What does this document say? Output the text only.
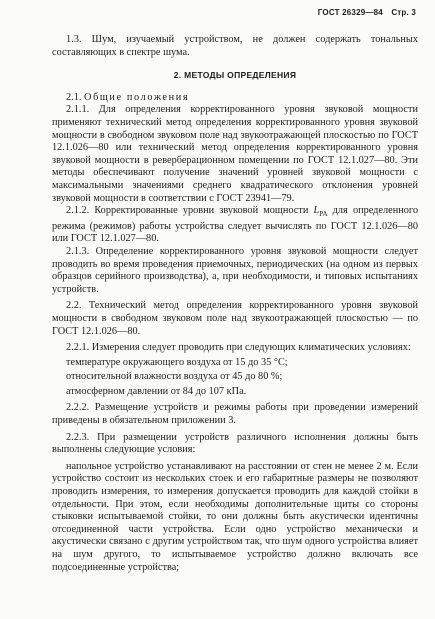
ГОСТ 26329—84 Стр. 3

1.3. Шум, изучаемый устройством, не должен содержать тональных составляющих в спектре шума.

2. МЕТОДЫ ОПРЕДЕЛЕНИЯ

2.1. Общие положения

2.1.1. Для определения корректированного уровня звуковой мощности применяют технический метод определения корректированного уровня звуковой мощности в свободном звуковом поле над звукоотражающей плоскостью по ГОСТ 12.1.026—80 или технический метод определения корректированного уровня звуковой мощности в реверберационном помещении по ГОСТ 12.1.027—80. Эти методы обеспечивают получение значений уровней звуковой мощности с максимальными значениями среднего квадратического отклонения уровней звуковой мощности в соответствии с ГОСТ 23941—79.

2.1.2. Корректированные уровни звуковой мощности $L_{PA}$ для определенного режима (режимов) работы устройства следует вычислять по ГОСТ 12.1.026—80 или ГОСТ 12.1.027—80.

2.1.3. Определение корректированного уровня звуковой мощности следует проводить во время проведения приемочных, периодических (на одном из первых образцов серийного производства), а, при необходимости, и типовых испытаниях устройств.

2.2. Технический метод определения корректированного уровня звуковой мощности в свободном звуковом поле над звукоотражающей плоскостью — по ГОСТ 12.1.026—80.

2.2.1. Измерения следует проводить при следующих климатических условиях:

температуре окружающего воздуха от 15 до 35 °С;

относительной влажности воздуха от 45 до 80 %;

атмосферном давлении от 84 до 107 кПа.

2.2.2. Размещение устройств и режимы работы при проведении измерений приведены в обязательном приложении 3.

2.2.3. При размещении устройств различного исполнения должны быть выполнены следующие условия:

напольное устройство устанавливают на расстоянии от стен не менее 2 м. Если устройство состоит из нескольких стоек и его габаритные размеры не позволяют проводить измерения, то измерения допускается проводить для каждой стойки в отдельности. При этом, если необходимы дополнительные щиты со стороны стыковки испытываемой стойки, то они должны быть акустически идентичны отсоединенной части устройства. Если одно устройство механически и акустически связано с другим устройством так, что шум одного устройства влияет на шум другого, то испытываемое устройство должно включать все подсоединенные устройства;
